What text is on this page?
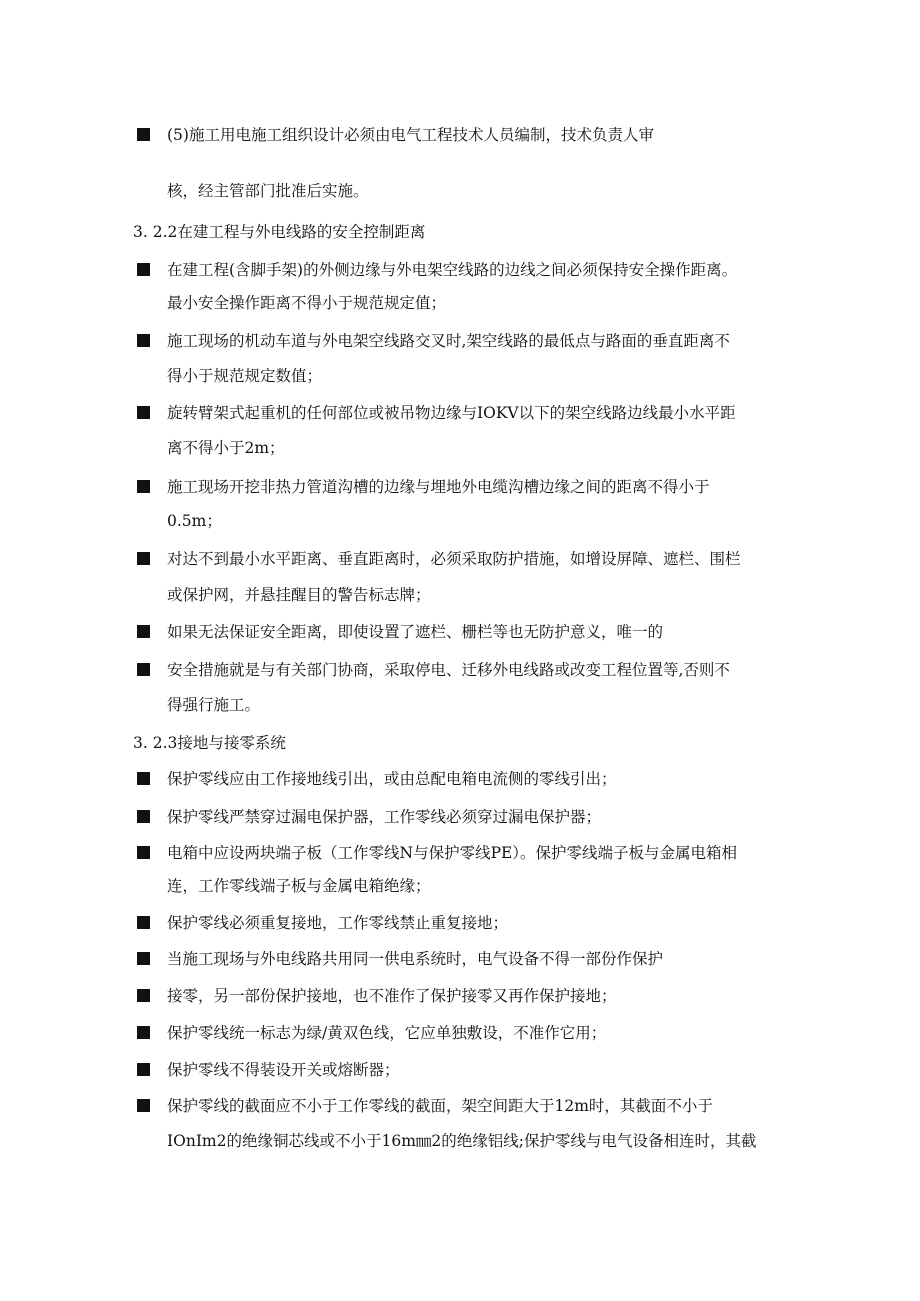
(5)施工用电施工组织设计必须由电气工程技术人员编制，技术负责人审
核，经主管部门批准后实施。
3. 2.2在建工程与外电线路的安全控制距离
在建工程(含脚手架)的外侧边缘与外电架空线路的边线之间必须保持安全操作距离。
最小安全操作距离不得小于规范规定值；
施工现场的机动车道与外电架空线路交叉时,架空线路的最低点与路面的垂直距离不
得小于规范规定数值；
旋转臂架式起重机的任何部位或被吊物边缘与IOKV以下的架空线路边线最小水平距
离不得小于2m；
施工现场开挖非热力管道沟槽的边缘与埋地外电缆沟槽边缘之间的距离不得小于
0.5m；
对达不到最小水平距离、垂直距离时，必须采取防护措施，如增设屏障、遮栏、围栏
或保护网，并悬挂醒目的警告标志牌；
如果无法保证安全距离，即使设置了遮栏、栅栏等也无防护意义，唯一的
安全措施就是与有关部门协商，采取停电、迁移外电线路或改变工程位置等,否则不
得强行施工。
3. 2.3接地与接零系统
保护零线应由工作接地线引出，或由总配电箱电流侧的零线引出；
保护零线严禁穿过漏电保护器，工作零线必须穿过漏电保护器；
电箱中应设两块端子板（工作零线N与保护零线PE）。保护零线端子板与金属电箱相
连，工作零线端子板与金属电箱绝缘；
保护零线必须重复接地，工作零线禁止重复接地；
当施工现场与外电线路共用同一供电系统时，电气设备不得一部份作保护
接零，另一部份保护接地，也不准作了保护接零又再作保护接地；
保护零线统一标志为绿/黄双色线，它应单独敷设，不准作它用；
保护零线不得装设开关或熔断器；
保护零线的截面应不小于工作零线的截面，架空间距大于12m时，其截面不小于
IOnIm2的绝缘铜芯线或不小于16m㎜2的绝缘铝线;保护零线与电气设备相连时，其截
